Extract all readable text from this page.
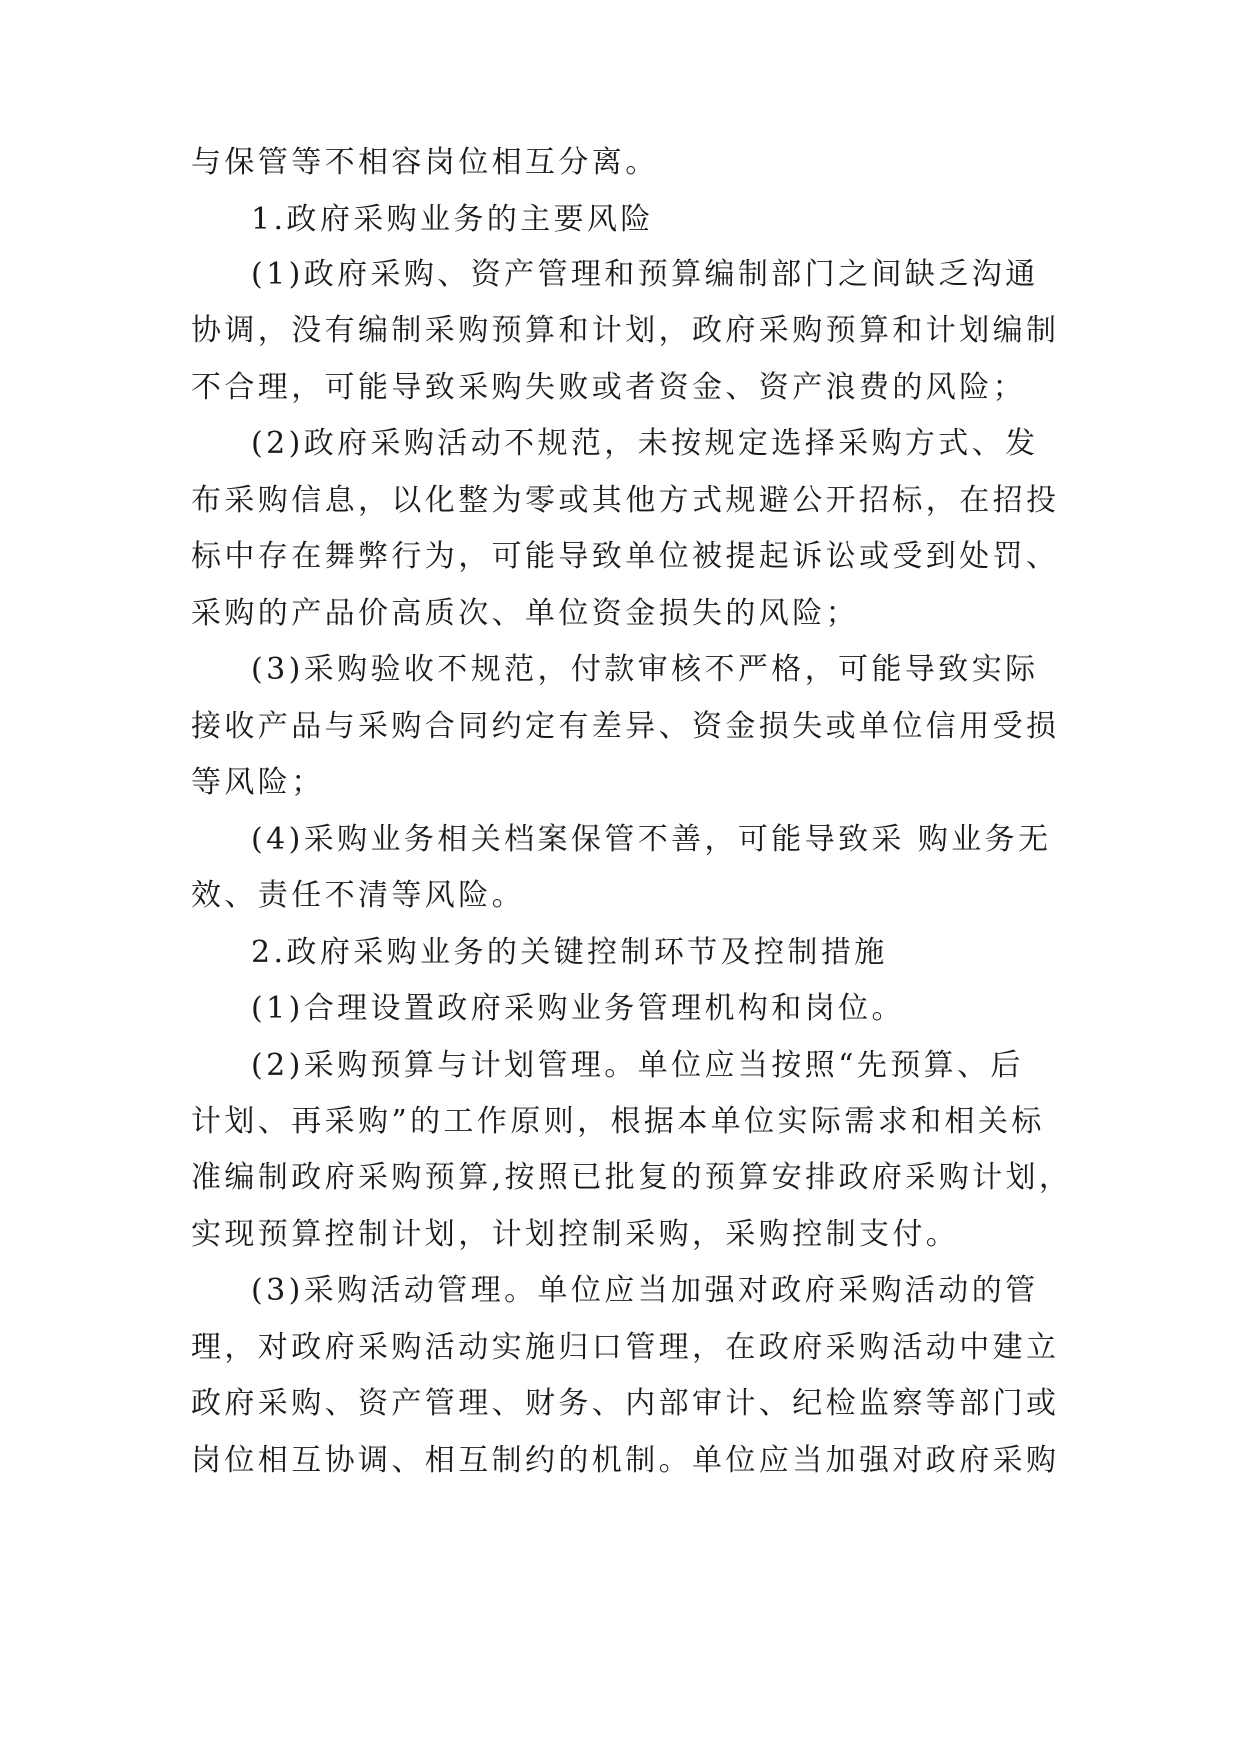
与保管等不相容岗位相互分离。
1.政府采购业务的主要风险
(1)政府采购、资产管理和预算编制部门之间缺乏沟通
协调，没有编制采购预算和计划，政府采购预算和计划编制
不合理，可能导致采购失败或者资金、资产浪费的风险；
(2)政府采购活动不规范，未按规定选择采购方式、发
布采购信息，以化整为零或其他方式规避公开招标，在招投
标中存在舞弊行为，可能导致单位被提起诉讼或受到处罚、
采购的产品价高质次、单位资金损失的风险；
(3)采购验收不规范，付款审核不严格，可能导致实际
接收产品与采购合同约定有差异、资金损失或单位信用受损
等风险；
(4)采购业务相关档案保管不善，可能导致采 购业务无
效、责任不清等风险。
2.政府采购业务的关键控制环节及控制措施
(1)合理设置政府采购业务管理机构和岗位。
(2)采购预算与计划管理。单位应当按照“先预算、后
计划、再采购”的工作原则，根据本单位实际需求和相关标
准编制政府采购预算,按照已批复的预算安排政府采购计划，
实现预算控制计划，计划控制采购，采购控制支付。
(3)采购活动管理。单位应当加强对政府采购活动的管
理，对政府采购活动实施归口管理，在政府采购活动中建立
政府采购、资产管理、财务、内部审计、纪检监察等部门或
岗位相互协调、相互制约的机制。单位应当加强对政府采购
